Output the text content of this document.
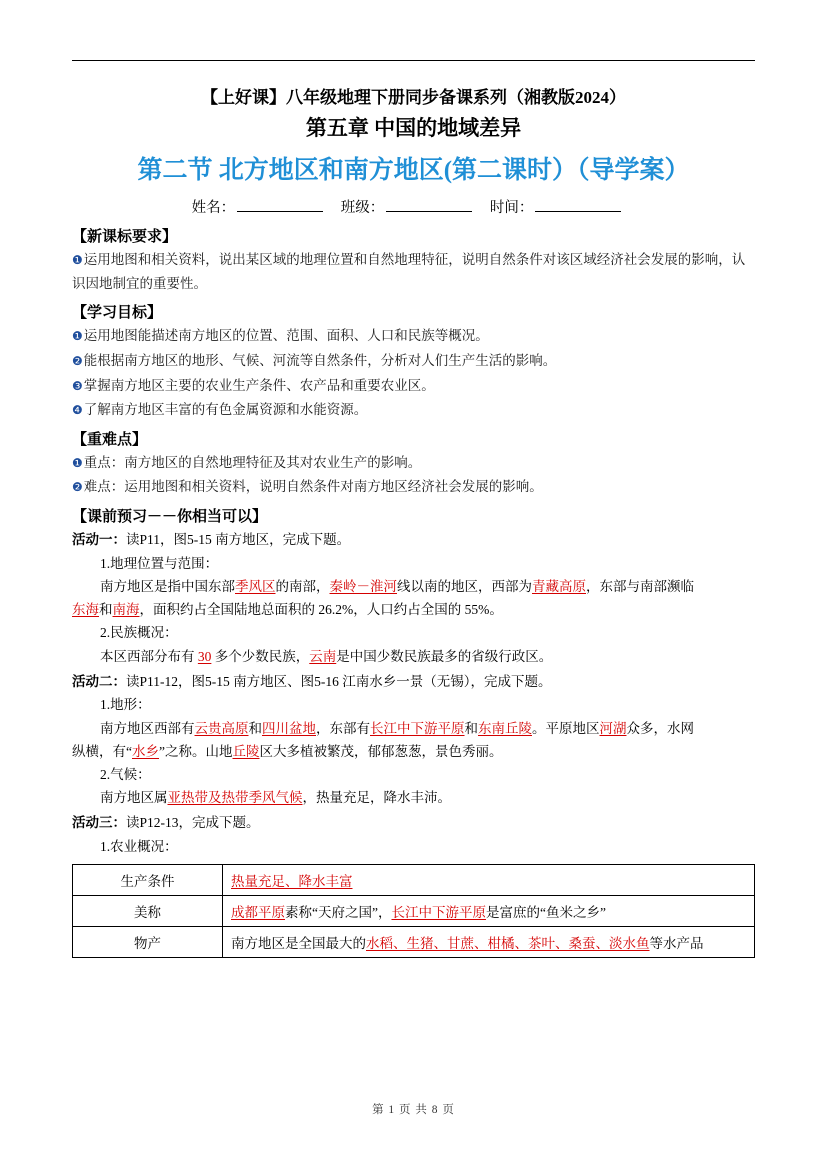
【上好课】八年级地理下册同步备课系列（湘教版2024）
第五章 中国的地域差异
第二节 北方地区和南方地区(第二课时）（导学案）
姓名：	班级：	时间：
【新课标要求】
❶运用地图和相关资料，说出某区域的地理位置和自然地理特征，说明自然条件对该区域经济社会发展的影响，认识因地制宜的重要性。
【学习目标】
❶运用地图能描述南方地区的位置、范围、面积、人口和民族等概况。
❷能根据南方地区的地形、气候、河流等自然条件，分析对人们生产生活的影响。
❸掌握南方地区主要的农业生产条件、农产品和重要农业区。
❹了解南方地区丰富的有色金属资源和水能资源。
【重难点】
❶重点：南方地区的自然地理特征及其对农业生产的影响。
❷难点：运用地图和相关资料，说明自然条件对南方地区经济社会发展的影响。
【课前预习－－你相当可以】
活动一：读P11，图5-15 南方地区，完成下题。
1.地理位置与范围：
南方地区是指中国东部季风区的南部，秦岭－淮河线以南的地区，西部为青藏高原，东部与南部濒临
东海和南海，面积约占全国陆地总面积的 26.2%，人口约占全国的 55%。
2.民族概况：
本区西部分布有 30 多个少数民族，云南是中国少数民族最多的省级行政区。
活动二：读P11-12，图5-15 南方地区、图5-16 江南水乡一景（无锡），完成下题。
1.地形：
南方地区西部有云贵高原和四川盆地，东部有长江中下游平原和东南丘陵。平原地区河湖众多，水网
纵横，有“水乡”之称。山地丘陵区大多植被繁茂，郁郁葱葱，景色秀丽。
2.气候：
南方地区属亚热带及热带季风气候，热量充足，降水丰沛。
活动三：读P12-13，完成下题。
1.农业概况：
生产条件	热量充足、降水丰富
美称	成都平原素称“天府之国”，长江中下游平原是富庶的“鱼米之乡”
物产	南方地区是全国最大的水稻、生猪、甘蔗、柑橘、茶叶、桑蚕、淡水鱼等水产品
第 1 页 共 8 页
